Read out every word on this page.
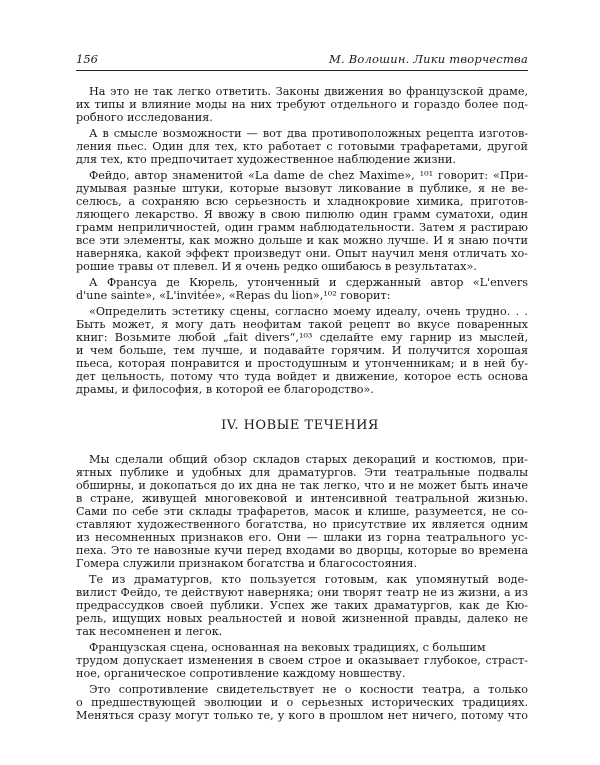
156	М. Волошин. Лики творчества
На это не так легко ответить. Законы движения во французской драме,
их типы и влияние моды на них требуют отдельного и гораздо более под-
робного исследования.
А в смысле возможности — вот два противоположных рецепта изготов-
ления пьес. Один для тех, кто работает с готовыми трафаретами, другой
для тех, кто предпочитает художественное наблюдение жизни.
Фейдо, автор знаменитой «La dame de chez Maxime», ¹⁰¹ говорит: «При-
думывая разные штуки, которые вызовут ликование в публике, я не ве-
селюсь, а сохраняю всю серьезность и хладнокровие химика, приготов-
ляющего лекарство. Я ввожу в свою пилюлю один грамм суматохи, один
грамм неприличностей, один грамм наблюдательности. Затем я растираю
все эти элементы, как можно дольше и как можно лучше. И я знаю почти
наверняка, какой эффект произведут они. Опыт научил меня отличать хо-
рошие травы от плевел. И я очень редко ошибаюсь в результатах».
А Франсуа де Кюрель, утонченный и сдержанный автор «L'envers
d'une sainte», «L'invitée», «Repas du lion»,¹⁰² говорит:
«Определить эстетику сцены, согласно моему идеалу, очень трудно. . .
Быть может, я могу дать неофитам такой рецепт во вкусе поваренных
книг: Возьмите любой „fait divers“,¹⁰³ сделайте ему гарнир из мыслей,
и чем больше, тем лучше, и подавайте горячим. И получится хорошая
пьеса, которая понравится и простодушным и утонченникам; и в ней бу-
дет цельность, потому что туда войдет и движение, которое есть основа
драмы, и философия, в которой ее благородство».
IV. НОВЫЕ ТЕЧЕНИЯ
Мы сделали общий обзор складов старых декораций и костюмов, при-
ятных публике и удобных для драматургов. Эти театральные подвалы
обширны, и докопаться до их дна не так легко, что и не может быть иначе
в стране, живущей многовековой и интенсивной театральной жизнью.
Сами по себе эти склады трафаретов, масок и клише, разумеется, не со-
ставляют художественного богатства, но присутствие их является одним
из несомненных признаков его. Они — шлаки из горна театрального ус-
пеха. Это те навозные кучи перед входами во дворцы, которые во времена
Гомера служили признаком богатства и благосостояния.
Те из драматургов, кто пользуется готовым, как упомянутый водe-
вилист Фейдо, те действуют наверняка; они творят театр не из жизни, а из
предрассудков своей публики. Успех же таких драматургов, как де Кю-
рель, ищущих новых реальностей и новой жизненной правды, далеко не
так несомненен и легок.
Французская сцена, основанная на вековых традициях, с большим
трудом допускает изменения в своем строе и оказывает глубокое, страст-
ное, органическое сопротивление каждому новшеству.
Это сопротивление свидетельствует не о косности театра, а только
о предшествующей эволюции и о серьезных исторических традициях.
Меняться сразу могут только те, у кого в прошлом нет ничего, потому что
